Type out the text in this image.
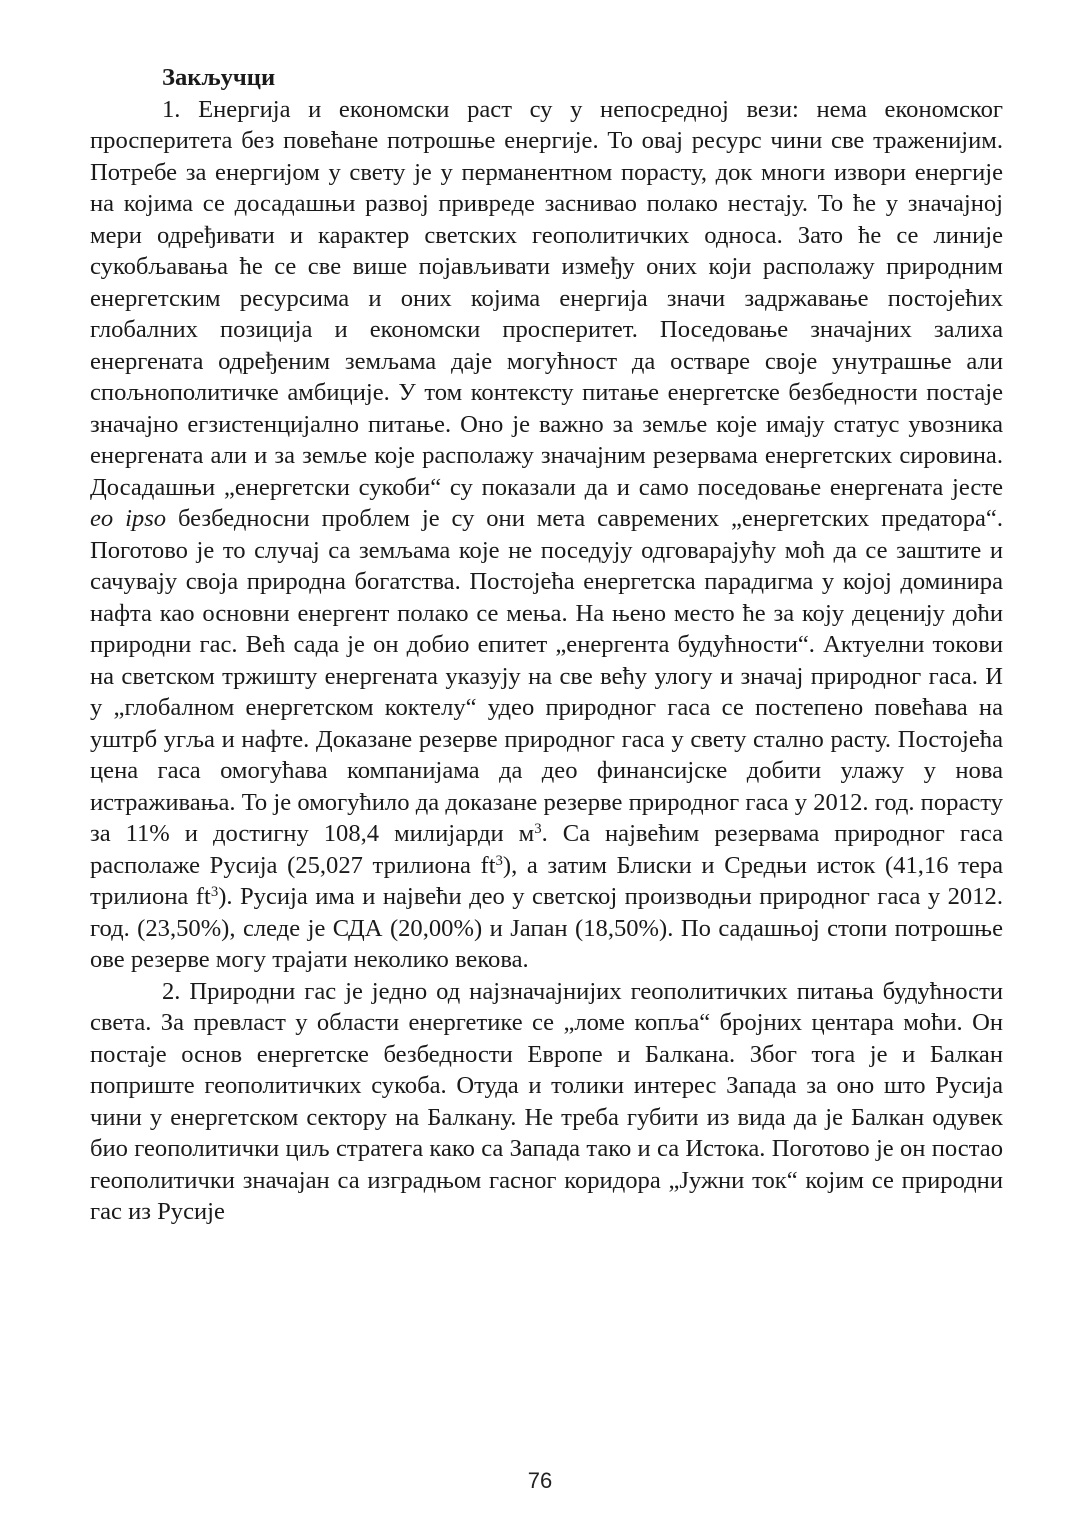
Закључци

1. Енергија и економски раст су у непосредној вези: нема економског просперитета без повећане потрошње енергије. То овај ресурс чини све траженијим. Потребе за енергијом у свету је у перманентном порасту, док многи извори енергије на којима се досадашњи развој привреде заснивао полако нестају. То ће у значајној мери одређивати и карактер светских геополитичких односа. Зато ће се линије сукобљавања ће се све више појављивати између оних који располажу природним енергетским ресурсима и оних којима енергија значи задржавање постојећих глобалних позиција и економски просперитет. Поседовање значајних залиха енергената одређеним земљама даје могућност да остваре своје унутрашње али спољнополитичке амбиције. У том контексту питање енергетске безбедности постаје значајно егзистенцијално питање. Оно је важно за земље које имају статус увозника енергената али и за земље које располажу значајним резервама енергетских сировина. Досадашњи „енергетски сукоби“ су показали да и само поседовање енергената јесте eo ipso безбедносни проблем је су они мета савремених „енергетских предатора“. Поготово је то случај са земљама које не поседују одговарајућу моћ да се заштите и сачувају своја природна богатства. Постојећа енергетска парадигма у којој доминира нафта као основни енергент полако се мења. На њено место ће за коју деценију доћи природни гас. Већ сада је он добио епитет „енергента будућности“. Актуелни токови на светском тржишту енергената указују на све већу улогу и значај природног гаса. И у „глобалном енергетском коктелу“ удео природног гаса се постепено повећава на уштрб угља и нафте. Доказане резерве природног гаса у свету стално расту. Постојећа цена гаса омогућава компанијама да део финансијске добити улажу у нова истраживања. То је омогућило да доказане резерве природног гаса у 2012. год. порасту за 11% и достигну 108,4 милијарди $м^3$. Са највећим резервама природног гаса располаже Русија (25,027 трилиона $ft^3$), а затим Блиски и Средњи исток (41,16 тера трилиона $ft^3$). Русија има и највећи део у светској производњи природног гаса у 2012. год. (23,50%), следе је СДА (20,00%) и Јапан (18,50%). По садашњој стопи потрошње ове резерве могу трајати неколико векова.

2. Природни гас је једно од најзначајнијих геополитичких питања будућности света. За превласт у области енергетике се „ломе копља“ бројних центара моћи. Он постаје основ енергетске безбедности Европе и Балкана. Због тога је и Балкан поприште геополитичких сукоба. Отуда и толики интерес Запада за оно што Русија чини у енергетском сектору на Балкану. Не треба губити из вида да је Балкан одувек био геополитички циљ стратега како са Запада тако и са Истока. Поготово је он постао геополитички значајан са изградњом гасног коридора „Јужни ток“ којим се природни гас из Русије

76
